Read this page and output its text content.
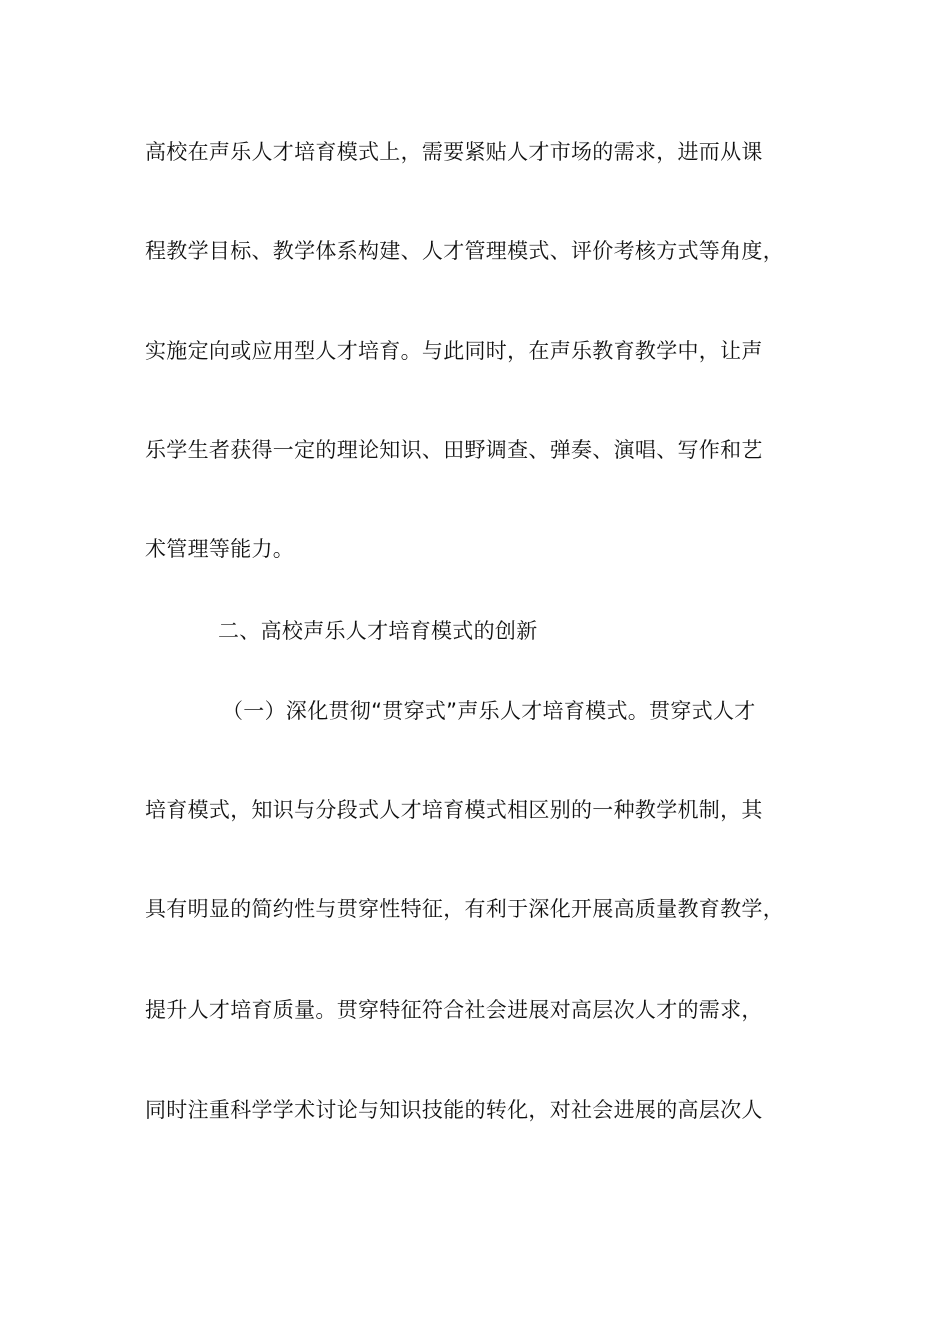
高校在声乐人才培育模式上，需要紧贴人才市场的需求，进而从课
程教学目标、教学体系构建、人才管理模式、评价考核方式等角度，
实施定向或应用型人才培育。与此同时，在声乐教育教学中，让声
乐学生者获得一定的理论知识、田野调查、弹奏、演唱、写作和艺
术管理等能力。
二、高校声乐人才培育模式的创新
（一）深化贯彻“贯穿式”声乐人才培育模式。贯穿式人才
培育模式，知识与分段式人才培育模式相区别的一种教学机制，其
具有明显的简约性与贯穿性特征，有利于深化开展高质量教育教学，
提升人才培育质量。贯穿特征符合社会进展对高层次人才的需求，
同时注重科学学术讨论与知识技能的转化，对社会进展的高层次人
